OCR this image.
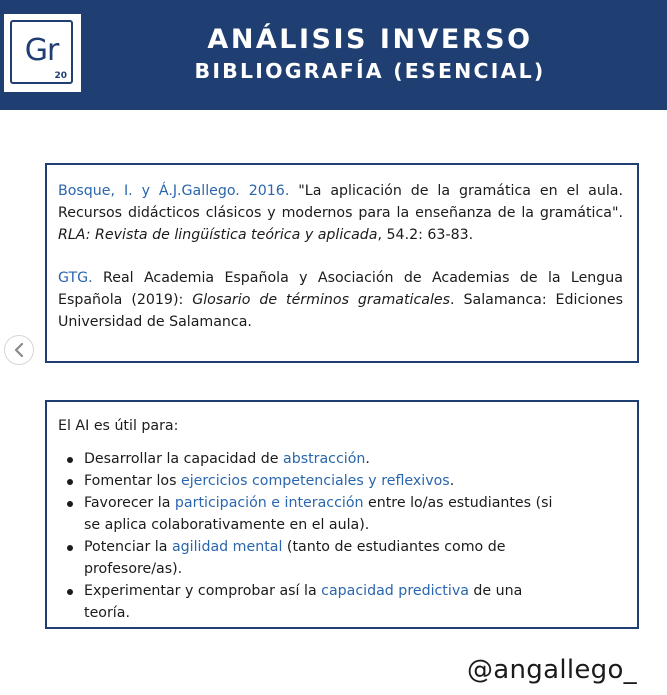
Gr
20
ANÁLISIS INVERSO
BIBLIOGRAFÍA (ESENCIAL)

Bosque, I. y Á.J.Gallego. 2016. "La aplicación de la gramática en el aula. Recursos didácticos clásicos y modernos para la enseñanza de la gramática". RLA: Revista de lingüística teórica y aplicada, 54.2: 63-83.

GTG. Real Academia Española y Asociación de Academias de la Lengua Española (2019): Glosario de términos gramaticales. Salamanca: Ediciones Universidad de Salamanca.

El AI es útil para:

Desarrollar la capacidad de abstracción.
Fomentar los ejercicios competenciales y reflexivos.
Favorecer la participación e interacción entre lo/as estudiantes (si se aplica colaborativamente en el aula).
Potenciar la agilidad mental (tanto de estudiantes como de profesore/as).
Experimentar y comprobar así la capacidad predictiva de una teoría.
@angallego_
